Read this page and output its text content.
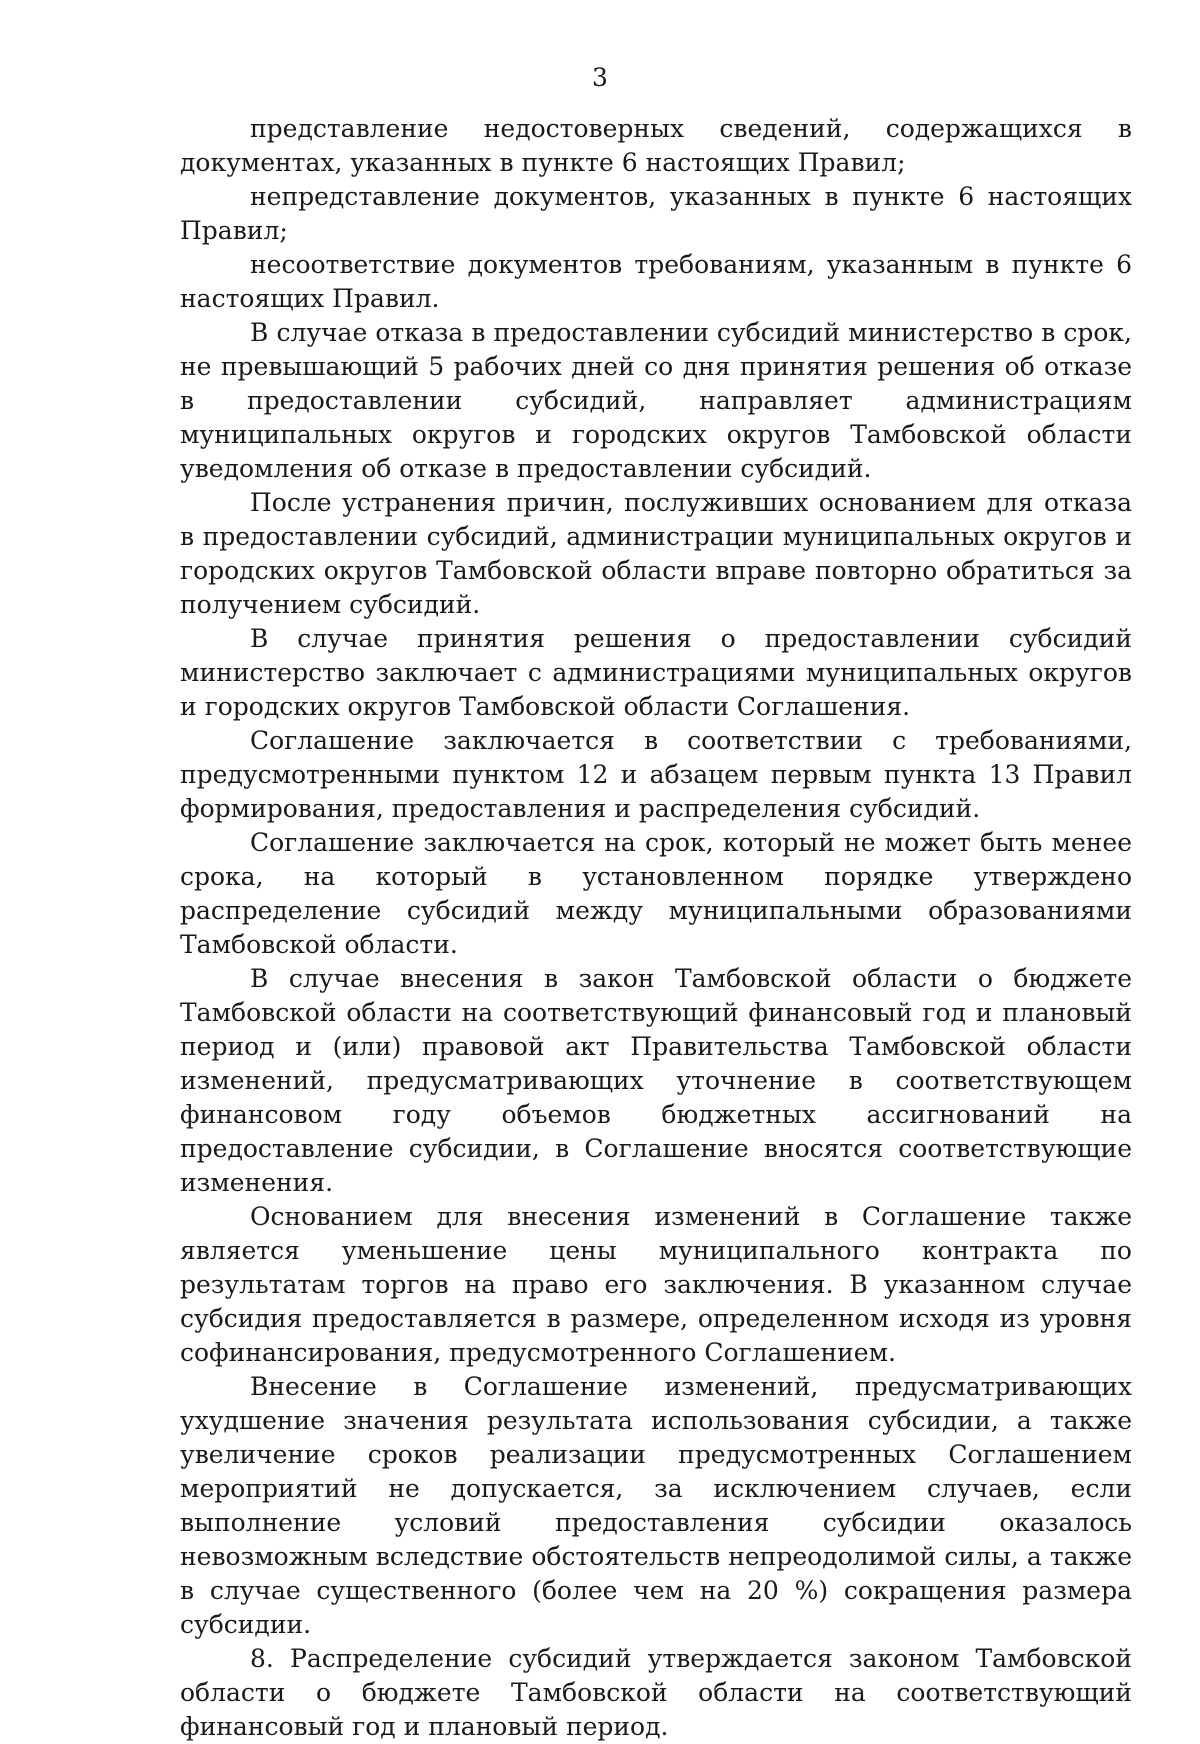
3

представление недостоверных сведений, содержащихся в документах, указанных в пункте 6 настоящих Правил;

непредставление документов, указанных в пункте 6 настоящих Правил;

несоответствие документов требованиям, указанным в пункте 6 настоящих Правил.

В случае отказа в предоставлении субсидий министерство в срок, не превышающий 5 рабочих дней со дня принятия решения об отказе в предоставлении субсидий, направляет администрациям муниципальных округов и городских округов Тамбовской области уведомления об отказе в предоставлении субсидий.

После устранения причин, послуживших основанием для отказа в предоставлении субсидий, администрации муниципальных округов и городских округов Тамбовской области вправе повторно обратиться за получением субсидий.

В случае принятия решения о предоставлении субсидий министерство заключает с администрациями муниципальных округов и городских округов Тамбовской области Соглашения.

Соглашение заключается в соответствии с требованиями, предусмотренными пунктом 12 и абзацем первым пункта 13 Правил формирования, предоставления и распределения субсидий.

Соглашение заключается на срок, который не может быть менее срока, на который в установленном порядке утверждено распределение субсидий между муниципальными образованиями Тамбовской области.

В случае внесения в закон Тамбовской области о бюджете Тамбовской области на соответствующий финансовый год и плановый период и (или) правовой акт Правительства Тамбовской области изменений, предусматривающих уточнение в соответствующем финансовом году объемов бюджетных ассигнований на предоставление субсидии, в Соглашение вносятся соответствующие изменения.

Основанием для внесения изменений в Соглашение также является уменьшение цены муниципального контракта по результатам торгов на право его заключения. В указанном случае субсидия предоставляется в размере, определенном исходя из уровня софинансирования, предусмотренного Соглашением.

Внесение в Соглашение изменений, предусматривающих ухудшение значения результата использования субсидии, а также увеличение сроков реализации предусмотренных Соглашением мероприятий не допускается, за исключением случаев, если выполнение условий предоставления субсидии оказалось невозможным вследствие обстоятельств непреодолимой силы, а также в случае существенного (более чем на 20 %) сокращения размера субсидии.

8. Распределение субсидий утверждается законом Тамбовской области о бюджете Тамбовской области на соответствующий финансовый год и плановый период.
